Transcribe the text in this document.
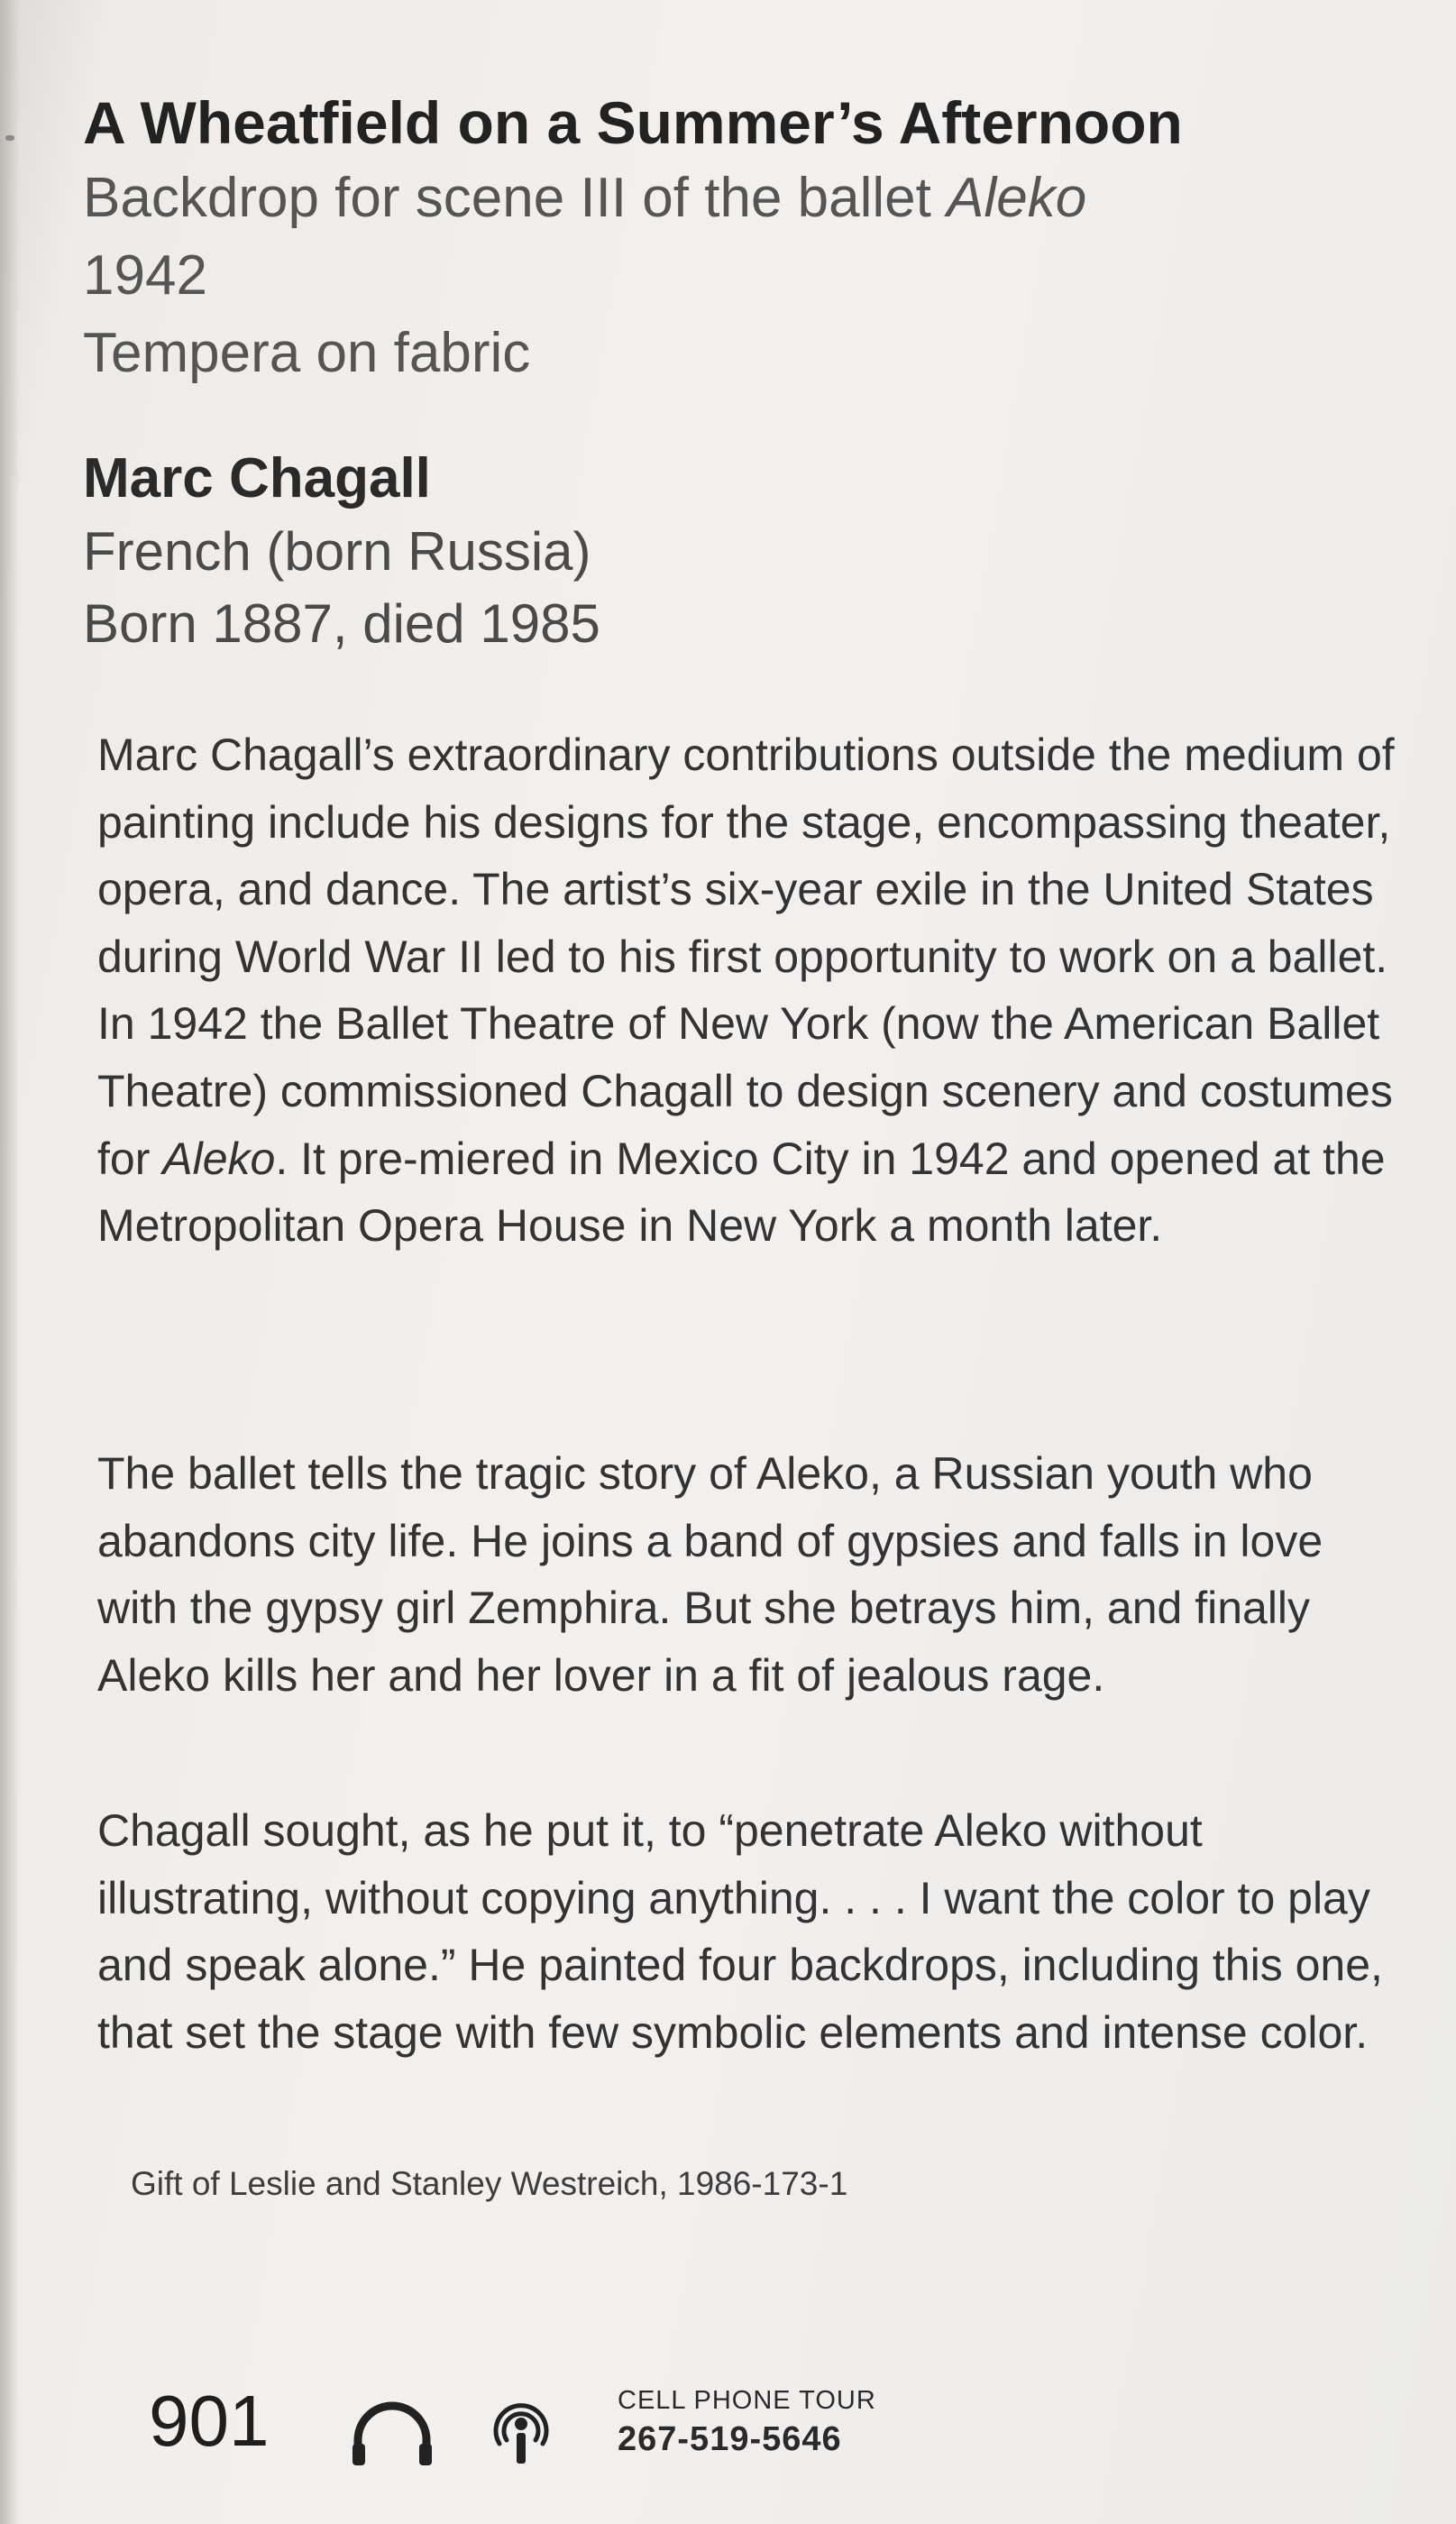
A Wheatfield on a Summer’s Afternoon

Backdrop for scene III of the ballet Aleko

1942

Tempera on fabric

Marc Chagall

French (born Russia)

Born 1887, died 1985

Marc Chagall’s extraordinary contributions outside the medium of painting include his designs for the stage, encompassing theater, opera, and dance. The artist’s six-year exile in the United States during World War II led to his first opportunity to work on a ballet. In 1942 the Ballet Theatre of New York (now the American Ballet Theatre) commissioned Chagall to design scenery and costumes for Aleko. It pre-miered in Mexico City in 1942 and opened at the Metropolitan Opera House in New York a month later.

The ballet tells the tragic story of Aleko, a Russian youth who abandons city life. He joins a band of gypsies and falls in love with the gypsy girl Zemphira. But she betrays him, and finally Aleko kills her and her lover in a fit of jealous rage.

Chagall sought, as he put it, to “penetrate Aleko without illustrating, without copying anything. . . . I want the color to play and speak alone.” He painted four backdrops, including this one, that set the stage with few symbolic elements and intense color.

Gift of Leslie and Stanley Westreich, 1986-173-1

901	CELL PHONE TOUR
267-519-5646
